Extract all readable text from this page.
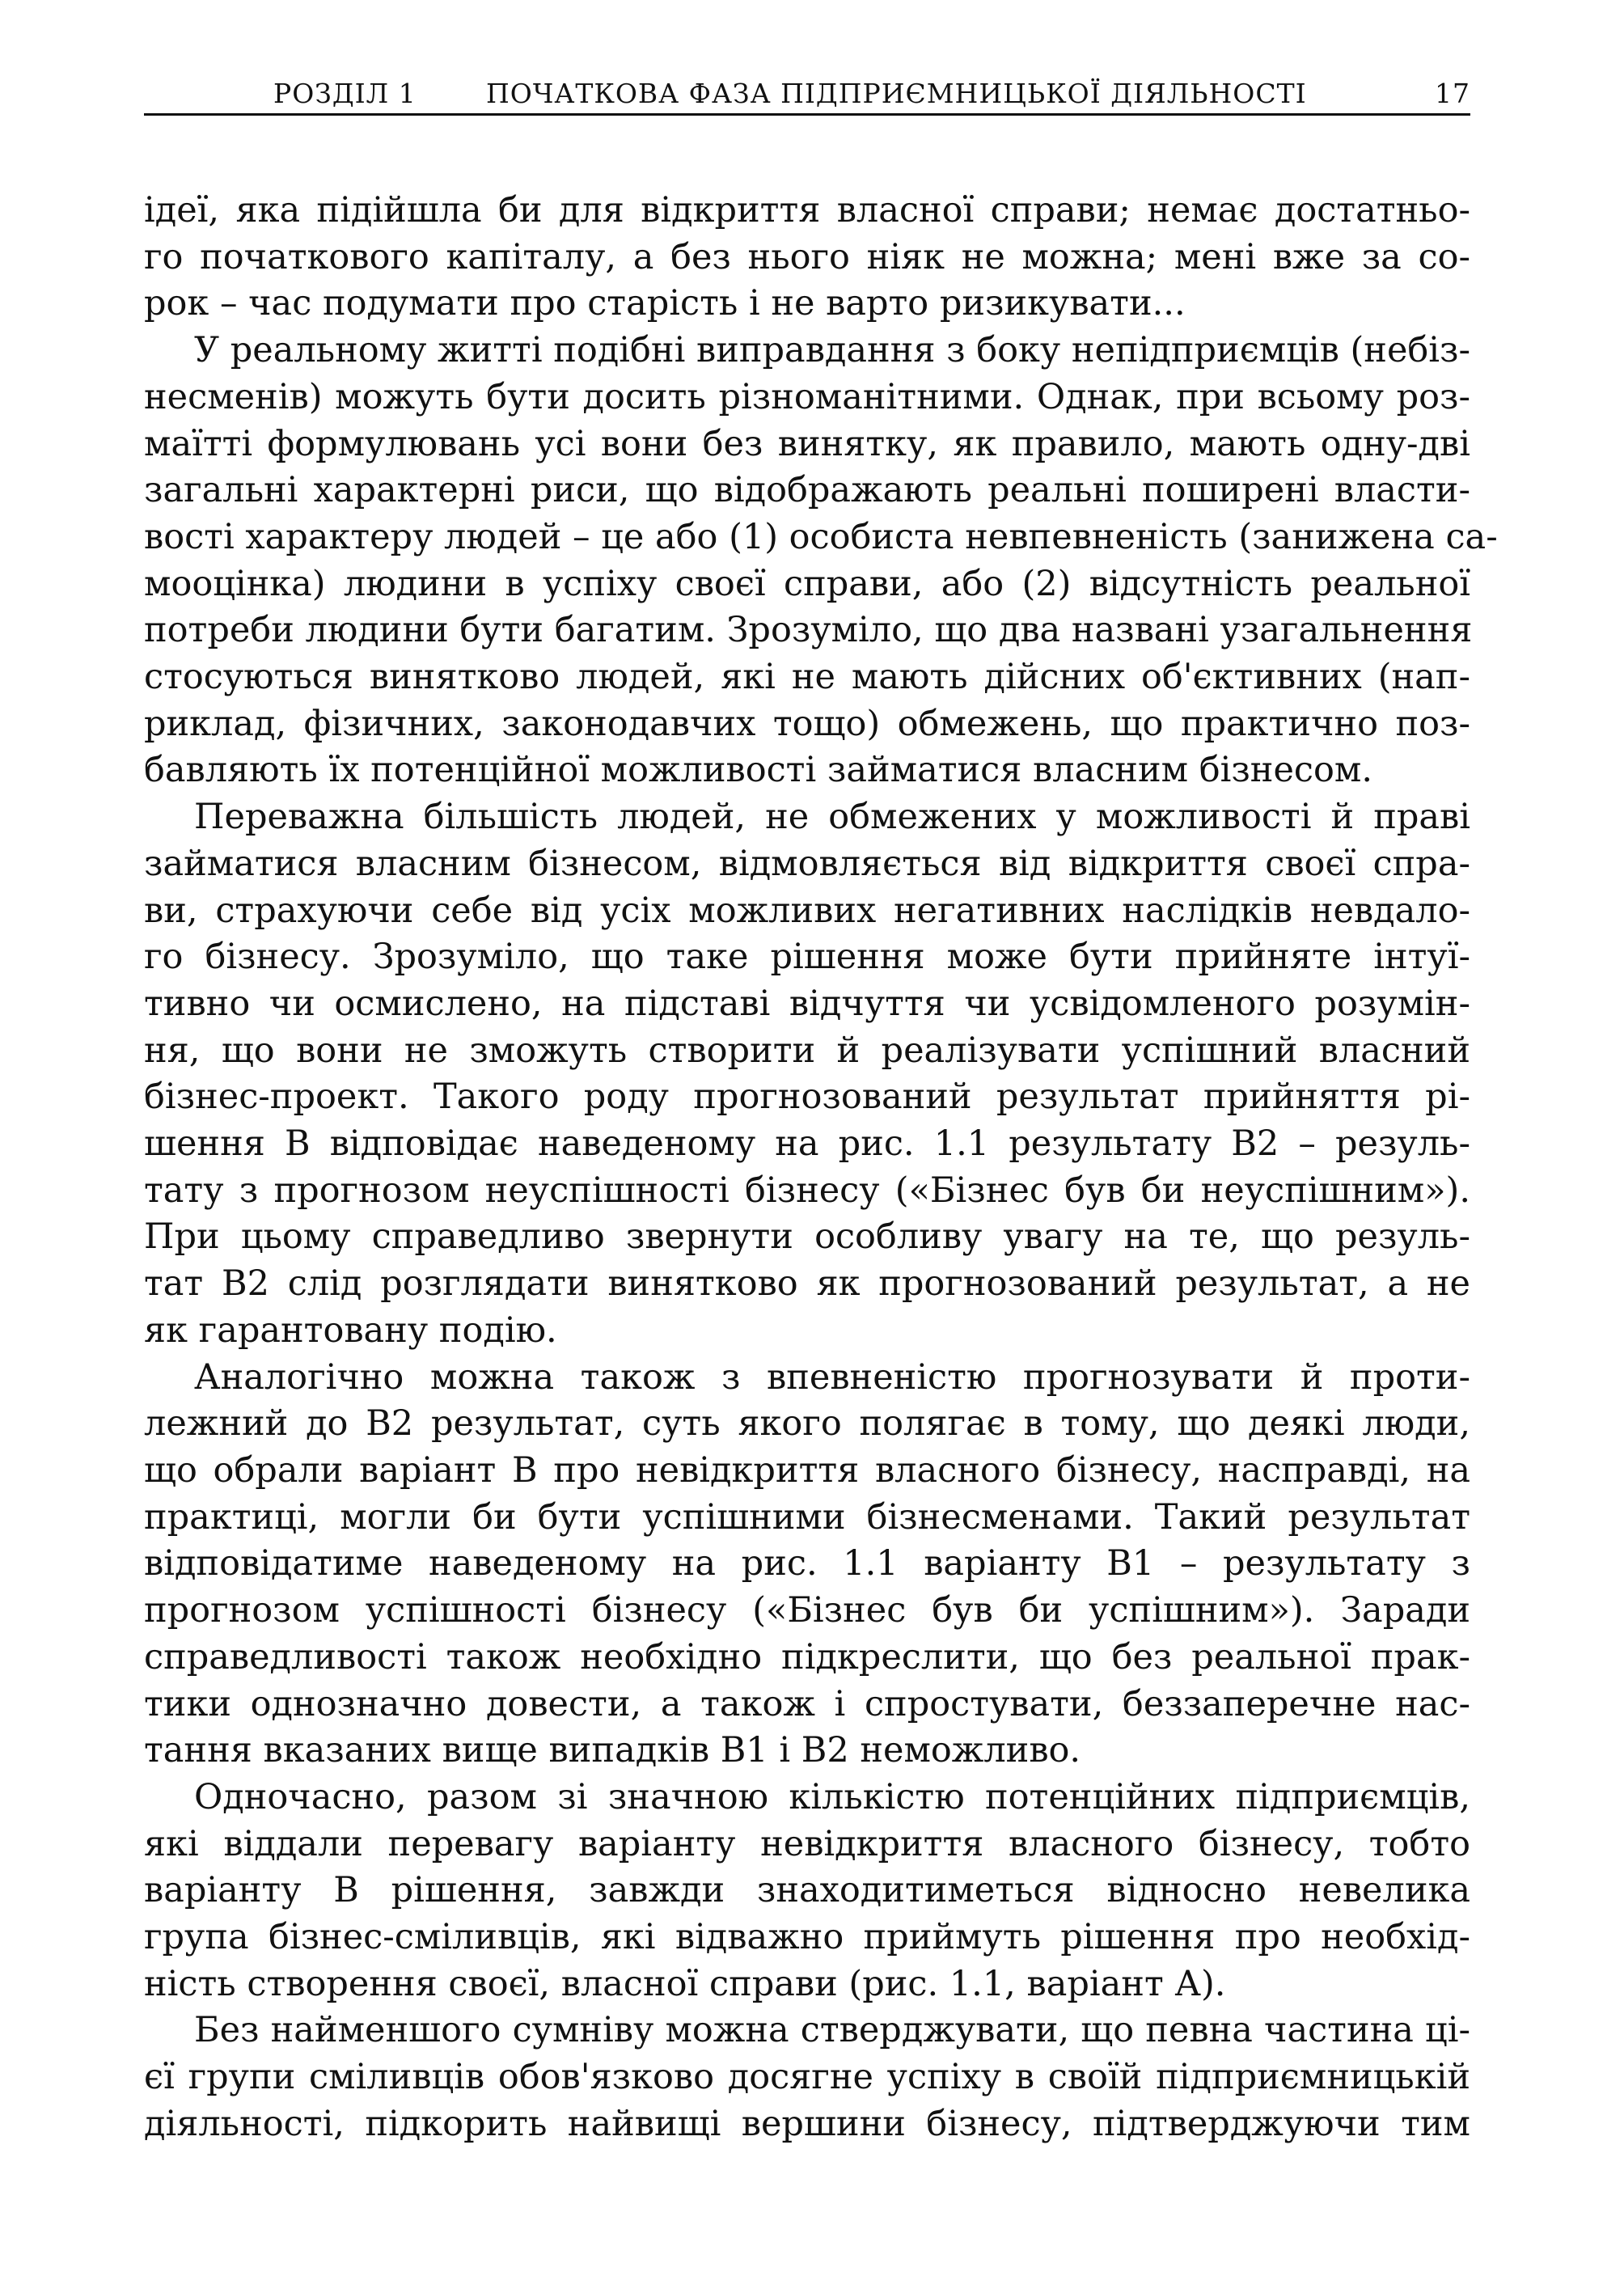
РОЗДІЛ 1	ПОЧАТКОВА ФАЗА ПІДПРИЄМНИЦЬКОЇ ДІЯЛЬНОСТІ	17

ідеї, яка підійшла би для відкриття власної справи; немає достатньо-
го початкового капіталу, а без нього ніяк не можна; мені вже за со-
рок – час подумати про старість і не варто ризикувати...

У реальному житті подібні виправдання з боку непідприємців (небіз-
несменів) можуть бути досить різноманітними. Однак, при всьому роз-
маїтті формулювань усі вони без винятку, як правило, мають одну-дві
загальні характерні риси, що відображають реальні поширені власти-
вості характеру людей – це або (1) особиста невпевненість (занижена са-
мооцінка) людини в успіху своєї справи, або (2) відсутність реальної
потреби людини бути багатим. Зрозуміло, що два названі узагальнення
стосуються винятково людей, які не мають дійсних об'єктивних (нап-
риклад, фізичних, законодавчих тощо) обмежень, що практично поз-
бавляють їх потенційної можливості займатися власним бізнесом.

Переважна більшість людей, не обмежених у можливості й праві
займатися власним бізнесом, відмовляється від відкриття своєї спра-
ви, страхуючи себе від усіх можливих негативних наслідків невдало-
го бізнесу. Зрозуміло, що таке рішення може бути прийняте інтуї-
тивно чи осмислено, на підставі відчуття чи усвідомленого розумін-
ня, що вони не зможуть створити й реалізувати успішний власний
бізнес-проект. Такого роду прогнозований результат прийняття рі-
шення В відповідає наведеному на рис. 1.1 результату В2 – резуль-
тату з прогнозом неуспішності бізнесу («Бізнес був би неуспішним»).
При цьому справедливо звернути особливу увагу на те, що резуль-
тат В2 слід розглядати винятково як прогнозований результат, а не
як гарантовану подію.

Аналогічно можна також з впевненістю прогнозувати й проти-
лежний до В2 результат, суть якого полягає в тому, що деякі люди,
що обрали варіант В про невідкриття власного бізнесу, насправді, на
практиці, могли би бути успішними бізнесменами. Такий результат
відповідатиме наведеному на рис. 1.1 варіанту В1 – результату з
прогнозом успішності бізнесу («Бізнес був би успішним»). Заради
справедливості також необхідно підкреслити, що без реальної прак-
тики однозначно довести, а також і спростувати, беззаперечне нас-
тання вказаних вище випадків В1 і В2 неможливо.

Одночасно, разом зі значною кількістю потенційних підприємців,
які віддали перевагу варіанту невідкриття власного бізнесу, тобто
варіанту В рішення, завжди знаходитиметься відносно невелика
група бізнес-сміливців, які відважно приймуть рішення про необхід-
ність створення своєї, власної справи (рис. 1.1, варіант А).

Без найменшого сумніву можна стверджувати, що певна частина ці-
єї групи сміливців обов'язково досягне успіху в своїй підприємницькій
діяльності, підкорить найвищі вершини бізнесу, підтверджуючи тим
